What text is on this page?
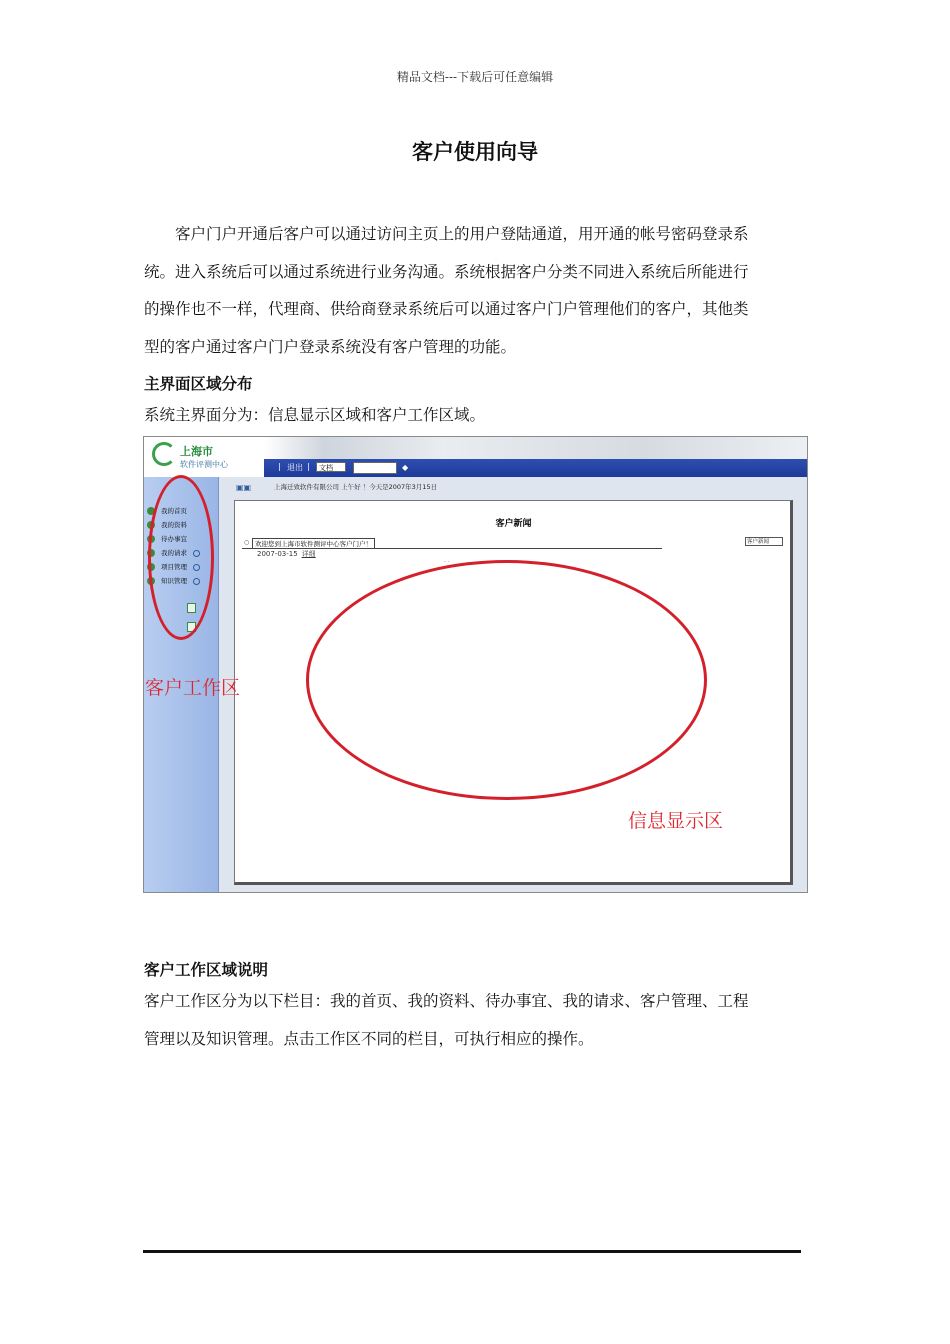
精品文档---下载后可任意编辑
客户使用向导

客户门户开通后客户可以通过访问主页上的用户登陆通道，用开通的帐号密码登录系

统。进入系统后可以通过系统进行业务沟通。系统根据客户分类不同进入系统后所能进行
的操作也不一样，代理商、供给商登录系统后可以通过客户门户管理他们的客户，其他类
型的客户通过客户门户登录系统没有客户管理的功能。
主界面区域分布
系统主界面分为：信息显示区域和客户工作区域。
上海市
软件评测中心	| 退出 |	文档	◆
我的首页
我的资料
待办事宜
我的请求
项目管理
知识管理
▣▣	上海迁致软件有限公司 上午好 ！今天是2007年3月15日
客户新闻
○ 欢迎您到上海市软件测评中心客户门户！
2007-03-15 详细
客户新闻
· ·
客户工作区
信息显示区
客户工作区域说明
客户工作区分为以下栏目：我的首页、我的资料、待办事宜、我的请求、客户管理、工程
管理以及知识管理。点击工作区不同的栏目，可执行相应的操作。
